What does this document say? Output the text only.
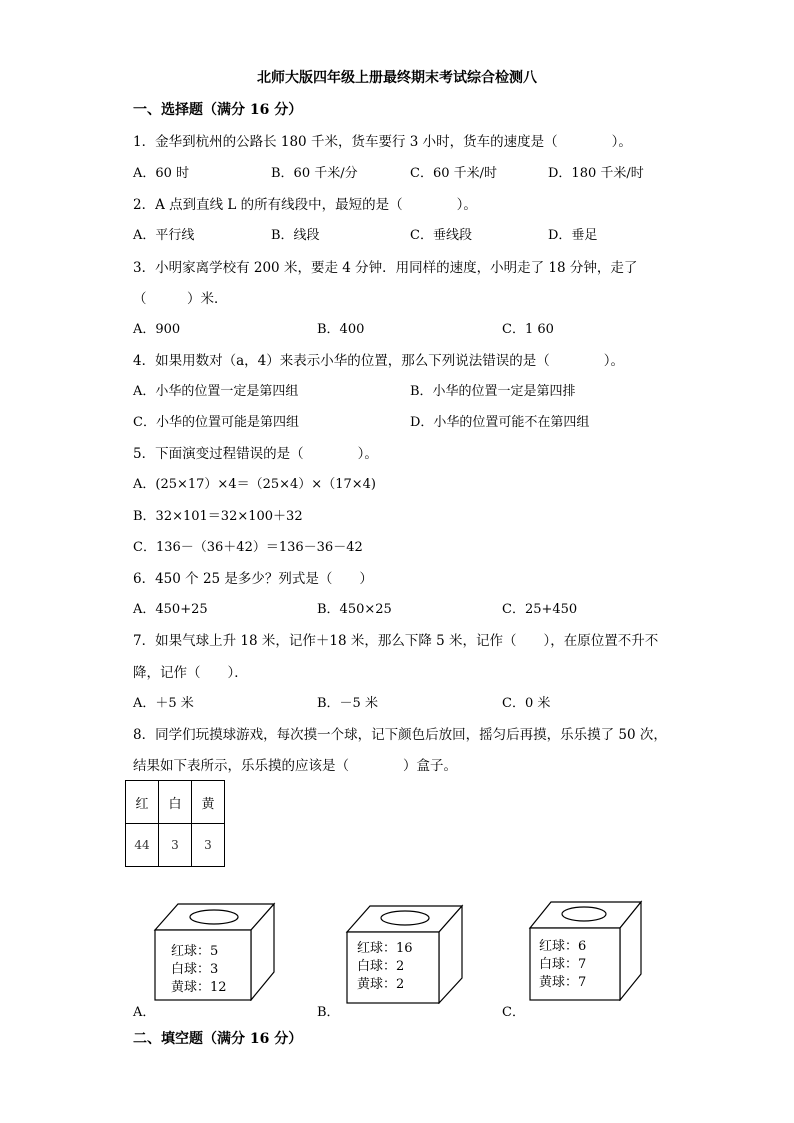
北师大版四年级上册最终期末考试综合检测八
一、选择题（满分 16 分）
1．金华到杭州的公路长 180 千米，货车要行 3 小时，货车的速度是（　　　　）。
A．60 时	B．60 千米/分	C．60 千米/时	D．180 千米/时
2．A 点到直线 L 的所有线段中，最短的是（　　　　）。
A．平行线	B．线段	C．垂线段	D．垂足
3．小明家离学校有 200 米，要走 4 分钟．用同样的速度，小明走了 18 分钟，走了
（　　　）米．
A．900	B．400	C．1 60
4．如果用数对（a，4）来表示小华的位置，那么下列说法错误的是（　　　　）。
A．小华的位置一定是第四组	B．小华的位置一定是第四排
C．小华的位置可能是第四组	D．小华的位置可能不在第四组
5．下面演变过程错误的是（　　　　）。
A．(25×17）×4＝（25×4）×（17×4)
B．32×101＝32×100＋32
C．136－（36＋42）＝136－36－42
6．450 个 25 是多少？列式是（　　）
A．450+25	B．450×25	C．25+450
7．如果气球上升 18 米，记作＋18 米，那么下降 5 米，记作（　　），在原位置不升不
降，记作（　　）．
A．＋5 米	B．－5 米	C．0 米
8．同学们玩摸球游戏，每次摸一个球，记下颜色后放回，摇匀后再摸，乐乐摸了 50 次，
结果如下表所示，乐乐摸的应该是（　　　　）盒子。
红	白	黄
44	3	3
红球：5
白球：3
黄球：12
A．
红球：16
白球：2
黄球：2
B．
红球：6
白球：7
黄球：7
C．
二、填空题（满分 16 分）
